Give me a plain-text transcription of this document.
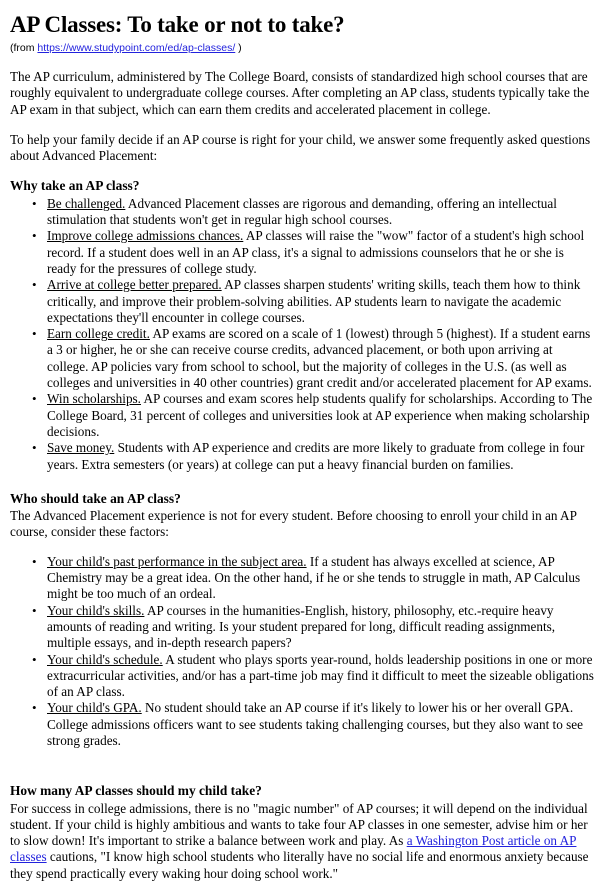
AP Classes: To take or not to take?
(from https://www.studypoint.com/ed/ap-classes/ )

The AP curriculum, administered by The College Board, consists of standardized high school courses that are roughly equivalent to undergraduate college courses. After completing an AP class, students typically take the AP exam in that subject, which can earn them credits and accelerated placement in college.

To help your family decide if an AP course is right for your child, we answer some frequently asked questions about Advanced Placement:

Why take an AP class?
• Be challenged. Advanced Placement classes are rigorous and demanding, offering an intellectual stimulation that students won't get in regular high school courses.
• Improve college admissions chances. AP classes will raise the "wow" factor of a student's high school record. If a student does well in an AP class, it's a signal to admissions counselors that he or she is ready for the pressures of college study.
• Arrive at college better prepared. AP classes sharpen students' writing skills, teach them how to think critically, and improve their problem-solving abilities. AP students learn to navigate the academic expectations they'll encounter in college courses.
• Earn college credit. AP exams are scored on a scale of 1 (lowest) through 5 (highest). If a student earns a 3 or higher, he or she can receive course credits, advanced placement, or both upon arriving at college. AP policies vary from school to school, but the majority of colleges in the U.S. (as well as colleges and universities in 40 other countries) grant credit and/or accelerated placement for AP exams.
• Win scholarships. AP courses and exam scores help students qualify for scholarships. According to The College Board, 31 percent of colleges and universities look at AP experience when making scholarship decisions.
• Save money. Students with AP experience and credits are more likely to graduate from college in four years. Extra semesters (or years) at college can put a heavy financial burden on families.
Who should take an AP class?

The Advanced Placement experience is not for every student. Before choosing to enroll your child in an AP course, consider these factors:

• Your child's past performance in the subject area. If a student has always excelled at science, AP Chemistry may be a great idea. On the other hand, if he or she tends to struggle in math, AP Calculus might be too much of an ordeal.
• Your child's skills. AP courses in the humanities-English, history, philosophy, etc.-require heavy amounts of reading and writing. Is your student prepared for long, difficult reading assignments, multiple essays, and in-depth research papers?
• Your child's schedule. A student who plays sports year-round, holds leadership positions in one or more extracurricular activities, and/or has a part-time job may find it difficult to meet the sizeable obligations of an AP class.
• Your child's GPA. No student should take an AP course if it's likely to lower his or her overall GPA. College admissions officers want to see students taking challenging courses, but they also want to see strong grades.
How many AP classes should my child take?

For success in college admissions, there is no "magic number" of AP courses; it will depend on the individual student. If your child is highly ambitious and wants to take four AP classes in one semester, advise him or her to slow down! It's important to strike a balance between work and play. As a Washington Post article on AP classes cautions, "I know high school students who literally have no social life and enormous anxiety because they spend practically every waking hour doing school work."
